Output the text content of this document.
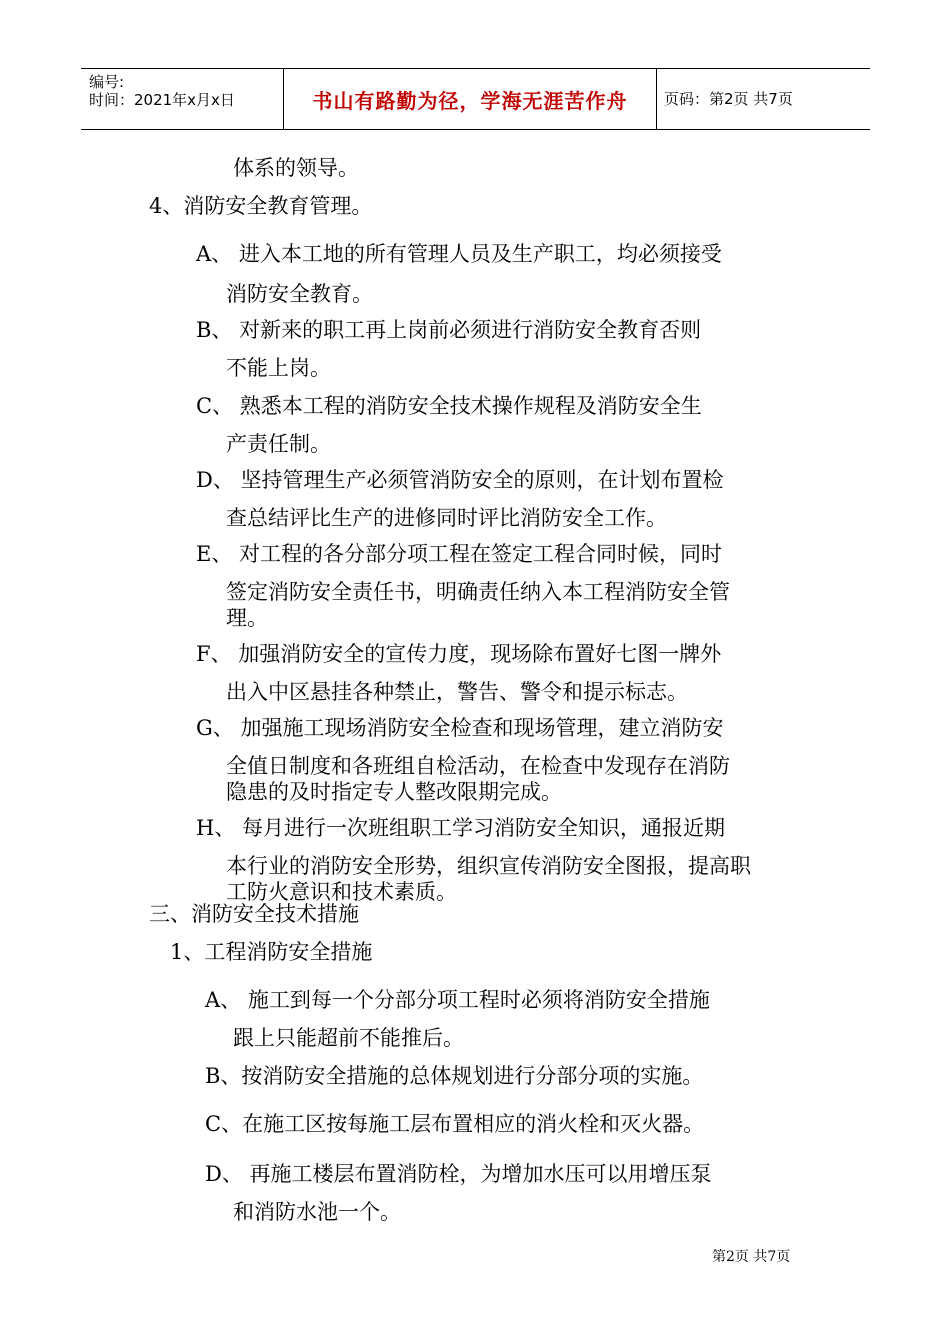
编号:
时间：2021年x月x日	书山有路勤为径，学海无涯苦作舟	页码：第2页 共7页
体系的领导。
4、消防安全教育管理。
A、 进入本工地的所有管理人员及生产职工，均必须接受
消防安全教育。
B、 对新来的职工再上岗前必须进行消防安全教育否则
不能上岗。
C、 熟悉本工程的消防安全技术操作规程及消防安全生
产责任制。
D、 坚持管理生产必须管消防安全的原则，在计划布置检
查总结评比生产的进修同时评比消防安全工作。
E、 对工程的各分部分项工程在签定工程合同时候，同时
签定消防安全责任书，明确责任纳入本工程消防安全管
理。
F、 加强消防安全的宣传力度，现场除布置好七图一牌外
出入中区悬挂各种禁止，警告、警令和提示标志。
G、 加强施工现场消防安全检查和现场管理，建立消防安
全值日制度和各班组自检活动，在检查中发现存在消防
隐患的及时指定专人整改限期完成。
H、 每月进行一次班组职工学习消防安全知识，通报近期
本行业的消防安全形势，组织宣传消防安全图报，提高职
工防火意识和技术素质。
三、消防安全技术措施
1、工程消防安全措施
A、 施工到每一个分部分项工程时必须将消防安全措施
跟上只能超前不能推后。
B、按消防安全措施的总体规划进行分部分项的实施。
C、在施工区按每施工层布置相应的消火栓和灭火器。
D、 再施工楼层布置消防栓，为增加水压可以用增压泵
和消防水池一个。
第2页 共7页
